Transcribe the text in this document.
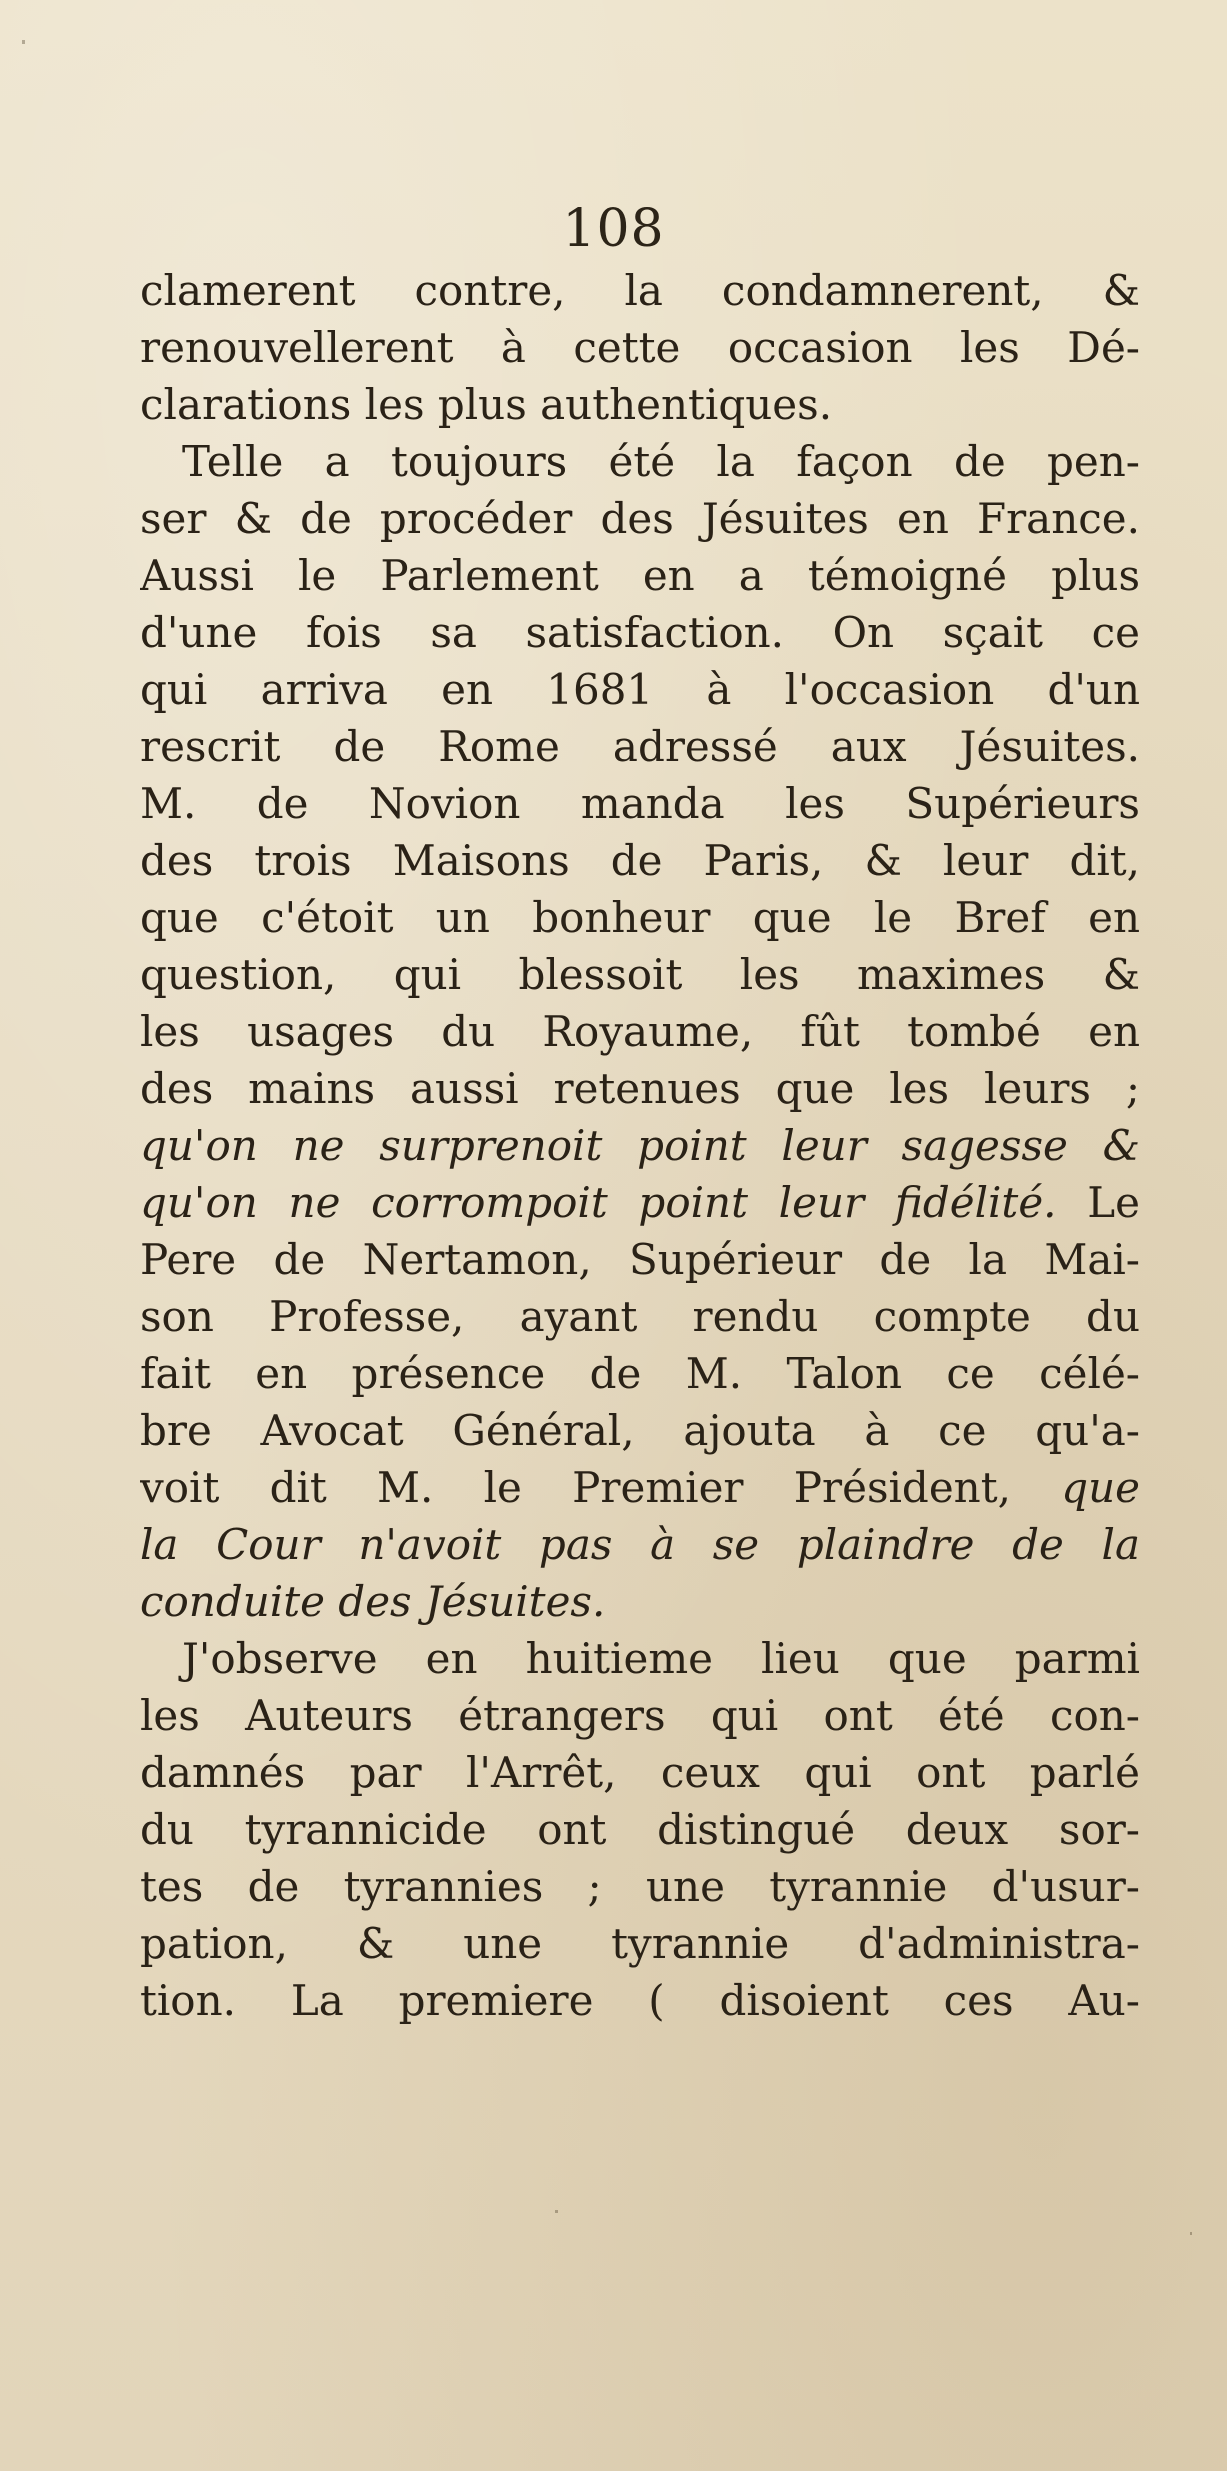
108
clamerent contre, la condamnerent, &
renouvellerent à cette occasion les Dé-
clarations les plus authentiques.
Telle a toujours été la façon de pen-
ser & de procéder des Jésuites en France.
Aussi le Parlement en a témoigné plus
d'une fois sa satisfaction. On sçait ce
qui arriva en 1681 à l'occasion d'un
rescrit de Rome adressé aux Jésuites.
M. de Novion manda les Supérieurs
des trois Maisons de Paris, & leur dit,
que c'étoit un bonheur que le Bref en
question, qui blessoit les maximes &
les usages du Royaume, fût tombé en
des mains aussi retenues que les leurs ;
qu'on ne surprenoit point leur sagesse &
qu'on ne corrompoit point leur fidélité. Le
Pere de Nertamon, Supérieur de la Mai-
son Professe, ayant rendu compte du
fait en présence de M. Talon ce célé-
bre Avocat Général, ajouta à ce qu'a-
voit dit M. le Premier Président, que
la Cour n'avoit pas à se plaindre de la
conduite des Jésuites.
J'observe en huitieme lieu que parmi
les Auteurs étrangers qui ont été con-
damnés par l'Arrêt, ceux qui ont parlé
du tyrannicide ont distingué deux sor-
tes de tyrannies ; une tyrannie d'usur-
pation, & une tyrannie d'administra-
tion. La premiere ( disoient ces Au-
